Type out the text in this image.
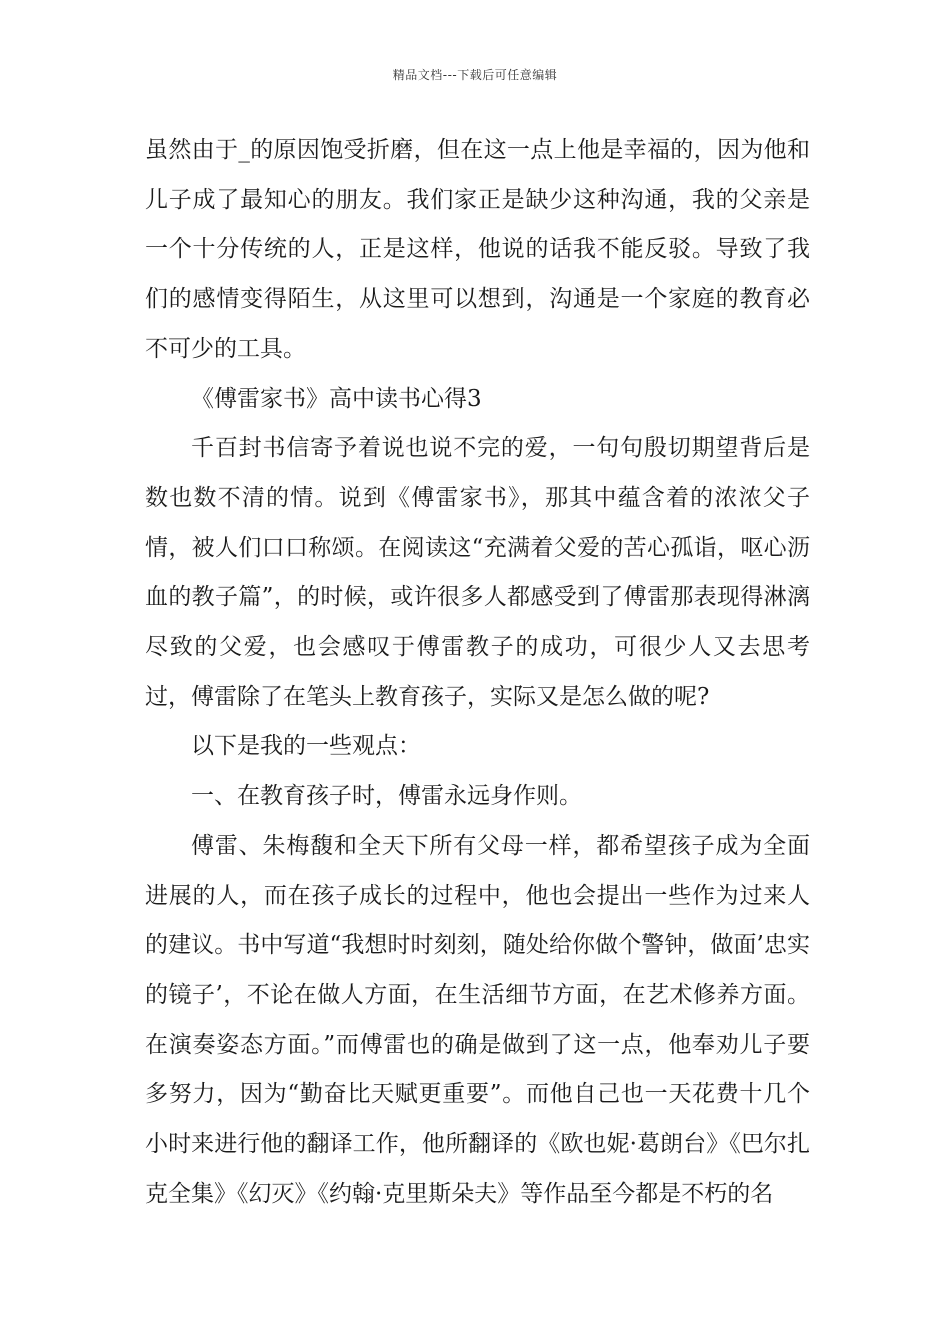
精品文档---下载后可任意编辑

虽然由于_的原因饱受折磨，但在这一点上他是幸福的，因为他和儿子成了最知心的朋友。我们家正是缺少这种沟通，我的父亲是一个十分传统的人，正是这样，他说的话我不能反驳。导致了我们的感情变得陌生，从这里可以想到，沟通是一个家庭的教育必不可少的工具。

《傅雷家书》高中读书心得3

千百封书信寄予着说也说不完的爱，一句句殷切期望背后是数也数不清的情。说到《傅雷家书》，那其中蕴含着的浓浓父子情，被人们口口称颂。在阅读这“充满着父爱的苦心孤诣，呕心沥血的教子篇”，的时候，或许很多人都感受到了傅雷那表现得淋漓尽致的父爱，也会感叹于傅雷教子的成功，可很少人又去思考过，傅雷除了在笔头上教育孩子，实际又是怎么做的呢?

以下是我的一些观点：

一、在教育孩子时，傅雷永远身作则。

傅雷、朱梅馥和全天下所有父母一样，都希望孩子成为全面进展的人，而在孩子成长的过程中，他也会提出一些作为过来人的建议。书中写道“我想时时刻刻，随处给你做个警钟，做面’忠实的镜子’，不论在做人方面，在生活细节方面，在艺术修养方面。在演奏姿态方面。”而傅雷也的确是做到了这一点，他奉劝儿子要多努力，因为“勤奋比天赋更重要”。而他自己也一天花费十几个小时来进行他的翻译工作，他所翻译的《欧也妮·葛朗台》《巴尔扎克全集》《幻灭》《约翰·克里斯朵夫》等作品至今都是不朽的名
